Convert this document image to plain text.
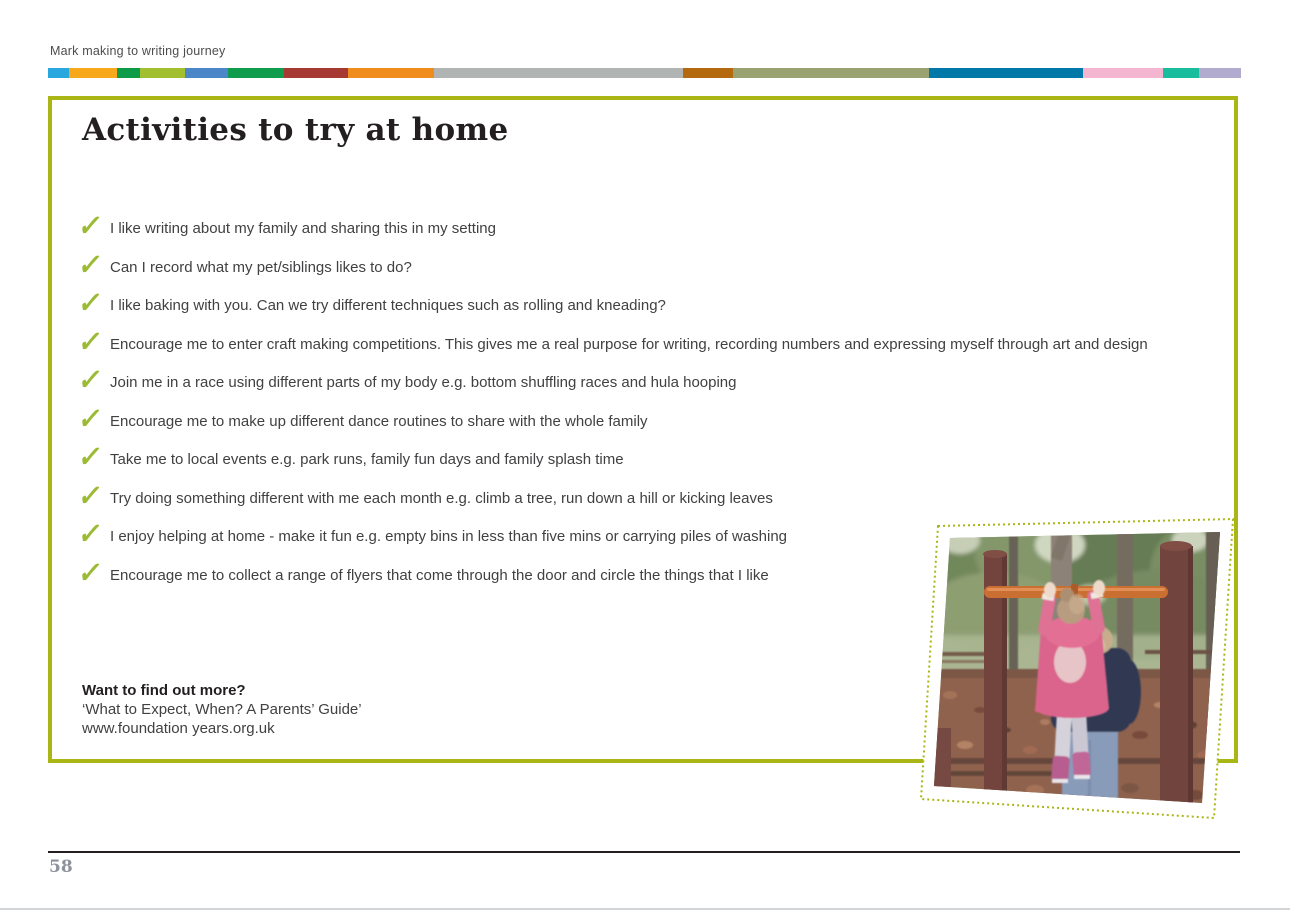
Mark making to writing journey
Activities to try at home
✓ I like writing about my family and sharing this in my setting
✓ Can I record what my pet/siblings likes to do?
✓ I like baking with you. Can we try different techniques such as rolling and kneading?
✓ Encourage me to enter craft making competitions. This gives me a real purpose for writing, recording numbers and expressing myself through art and design
✓ Join me in a race using different parts of my body e.g. bottom shuffling races and hula hooping
✓ Encourage me to make up different dance routines to share with the whole family
✓ Take me to local events e.g. park runs, family fun days and family splash time
✓ Try doing something different with me each month e.g. climb a tree, run down a hill or kicking leaves
✓ I enjoy helping at home - make it fun e.g. empty bins in less than five mins or carrying piles of washing
✓ Encourage me to collect a range of flyers that come through the door and circle the things that I like
Want to find out more?
‘What to Expect, When? A Parents’ Guide’
www.foundation years.org.uk
58
